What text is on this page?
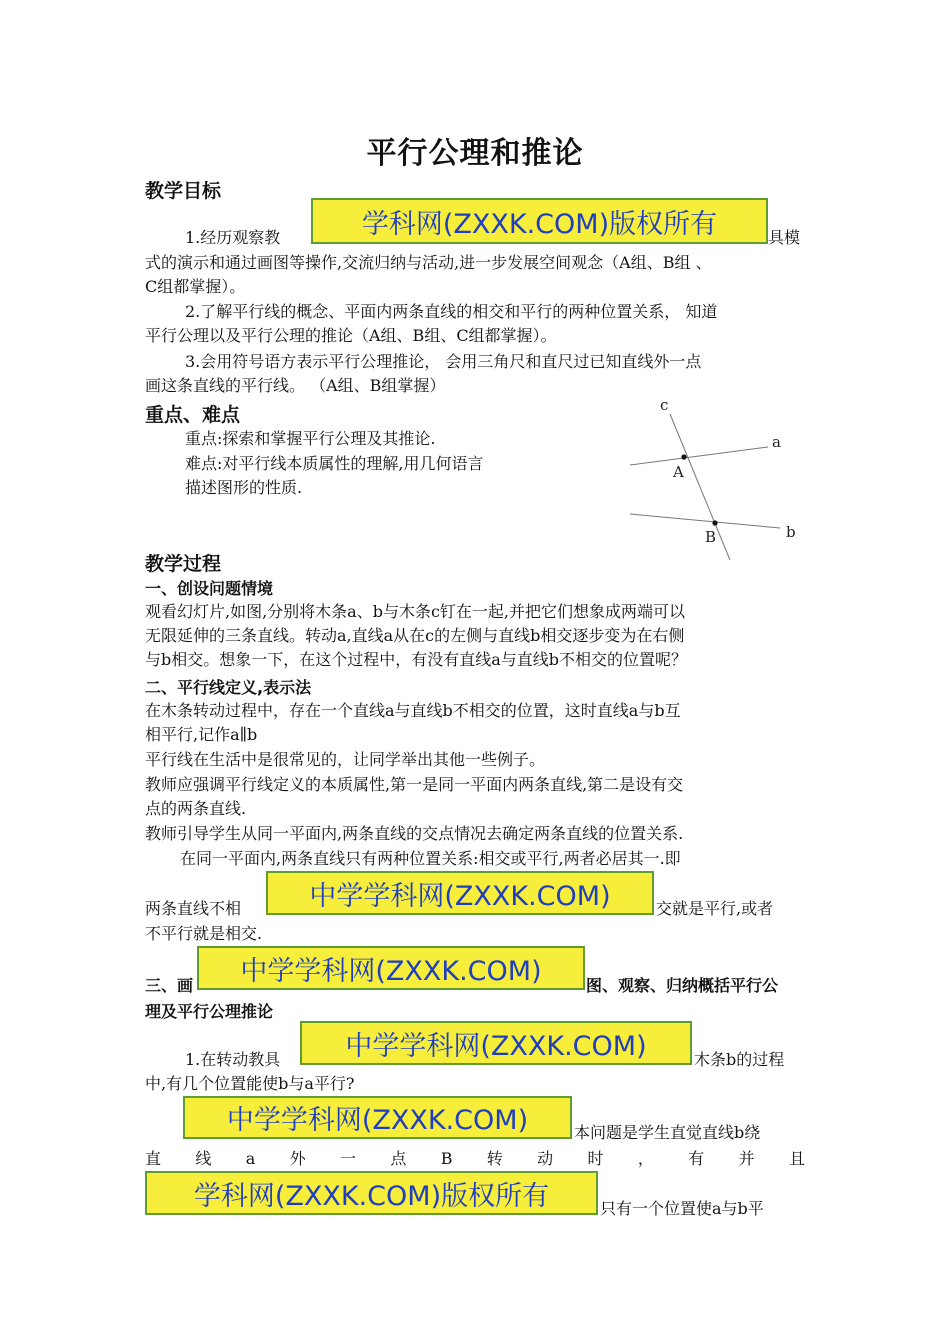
平行公理和推论
教学目标
1.经历观察教	学科网(ZXXK.COM)版权所有	具模
式的演示和通过画图等操作,交流归纳与活动,进一步发展空间观念（A组、B组 、
C组都掌握）。
2.了解平行线的概念、平面内两条直线的相交和平行的两种位置关系， 知道
平行公理以及平行公理的推论（A组、B组、C组都掌握）。
3.会用符号语方表示平行公理推论， 会用三角尺和直尺过已知直线外一点
画这条直线的平行线。 （A组、B组掌握）
重点、难点
重点:探索和掌握平行公理及其推论.
难点:对平行线本质属性的理解,用几何语言
描述图形的性质.
c
a
b
A
B
教学过程
一、创设问题情境
观看幻灯片,如图,分别将木条a、b与木条c钉在一起,并把它们想象成两端可以
无限延伸的三条直线。转动a,直线a从在c的左侧与直线b相交逐步变为在右侧
与b相交。想象一下，在这个过程中，有没有直线a与直线b不相交的位置呢？
二、平行线定义,表示法
在木条转动过程中，存在一个直线a与直线b不相交的位置，这时直线a与b互
相平行,记作a∥b
平行线在生活中是很常见的，让同学举出其他一些例子。
教师应强调平行线定义的本质属性,第一是同一平面内两条直线,第二是设有交
点的两条直线.
教师引导学生从同一平面内,两条直线的交点情况去确定两条直线的位置关系.
在同一平面内,两条直线只有两种位置关系:相交或平行,两者必居其一.即
两条直线不相	中学学科网(ZXXK.COM)	交就是平行,或者
不平行就是相交.
三、画	中学学科网(ZXXK.COM)	图、观察、归纳概括平行公
理及平行公理推论
1.在转动教具	中学学科网(ZXXK.COM)	木条b的过程
中,有几个位置能使b与a平行?
中学学科网(ZXXK.COM)	本问题是学生直觉直线b绕
直 线 a 外 一 点 B 转 动 时 ， 有 并 且
学科网(ZXXK.COM)版权所有	只有一个位置使a与b平
